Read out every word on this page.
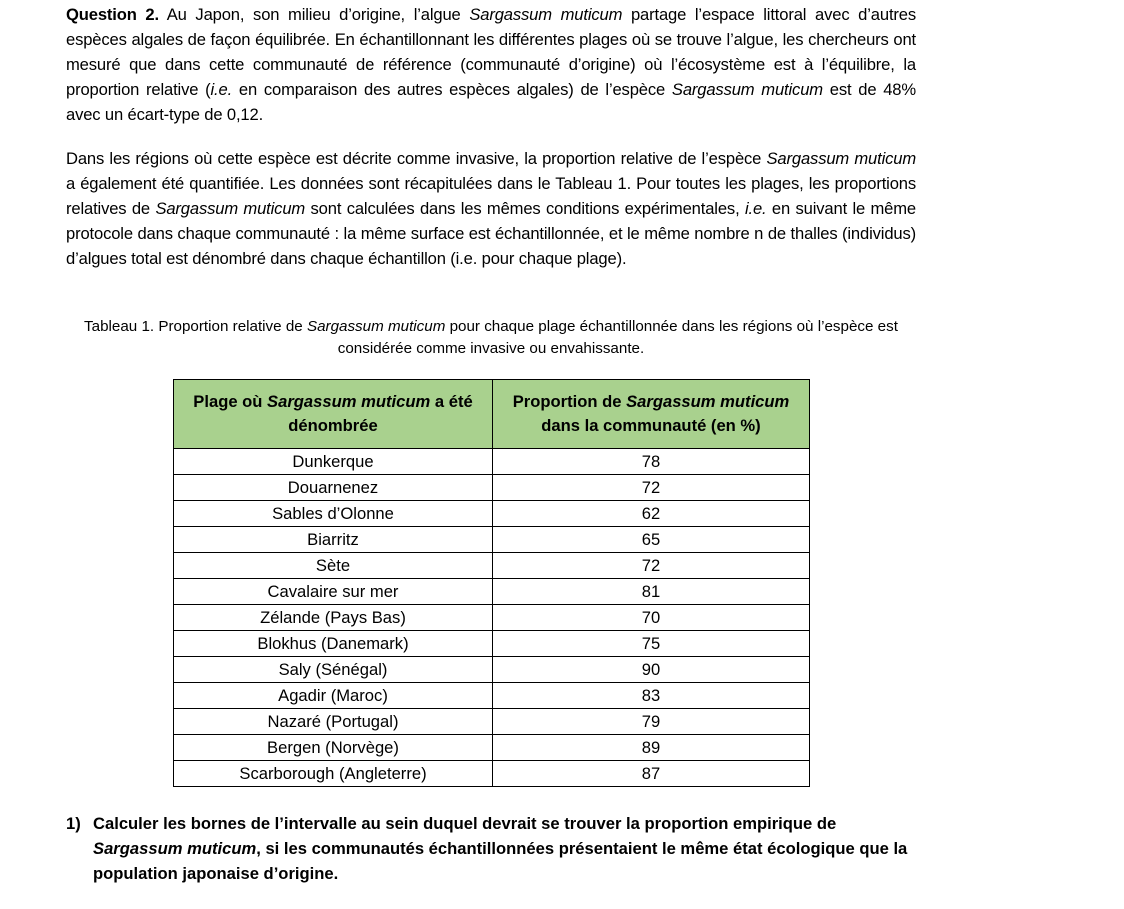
Question 2. Au Japon, son milieu d’origine, l’algue Sargassum muticum partage l’espace littoral avec d’autres espèces algales de façon équilibrée. En échantillonnant les différentes plages où se trouve l’algue, les chercheurs ont mesuré que dans cette communauté de référence (communauté d’origine) où l’écosystème est à l’équilibre, la proportion relative (i.e. en comparaison des autres espèces algales) de l’espèce Sargassum muticum est de 48% avec un écart-type de 0,12.
Dans les régions où cette espèce est décrite comme invasive, la proportion relative de l’espèce Sargassum muticum a également été quantifiée. Les données sont récapitulées dans le Tableau 1. Pour toutes les plages, les proportions relatives de Sargassum muticum sont calculées dans les mêmes conditions expérimentales, i.e. en suivant le même protocole dans chaque communauté : la même surface est échantillonnée, et le même nombre n de thalles (individus) d’algues total est dénombré dans chaque échantillon (i.e. pour chaque plage).
Tableau 1. Proportion relative de Sargassum muticum pour chaque plage échantillonnée dans les régions où l’espèce est considérée comme invasive ou envahissante.
Plage où Sargassum muticum a été dénombrée	Proportion de Sargassum muticum
dans la communauté (en %)
Dunkerque	78
Douarnenez	72
Sables d’Olonne	62
Biarritz	65
Sète	72
Cavalaire sur mer	81
Zélande (Pays Bas)	70
Blokhus (Danemark)	75
Saly (Sénégal)	90
Agadir (Maroc)	83
Nazaré (Portugal)	79
Bergen (Norvège)	89
Scarborough (Angleterre)	87
1) Calculer les bornes de l’intervalle au sein duquel devrait se trouver la proportion empirique de Sargassum muticum, si les communautés échantillonnées présentaient le même état écologique que la population japonaise d’origine.
